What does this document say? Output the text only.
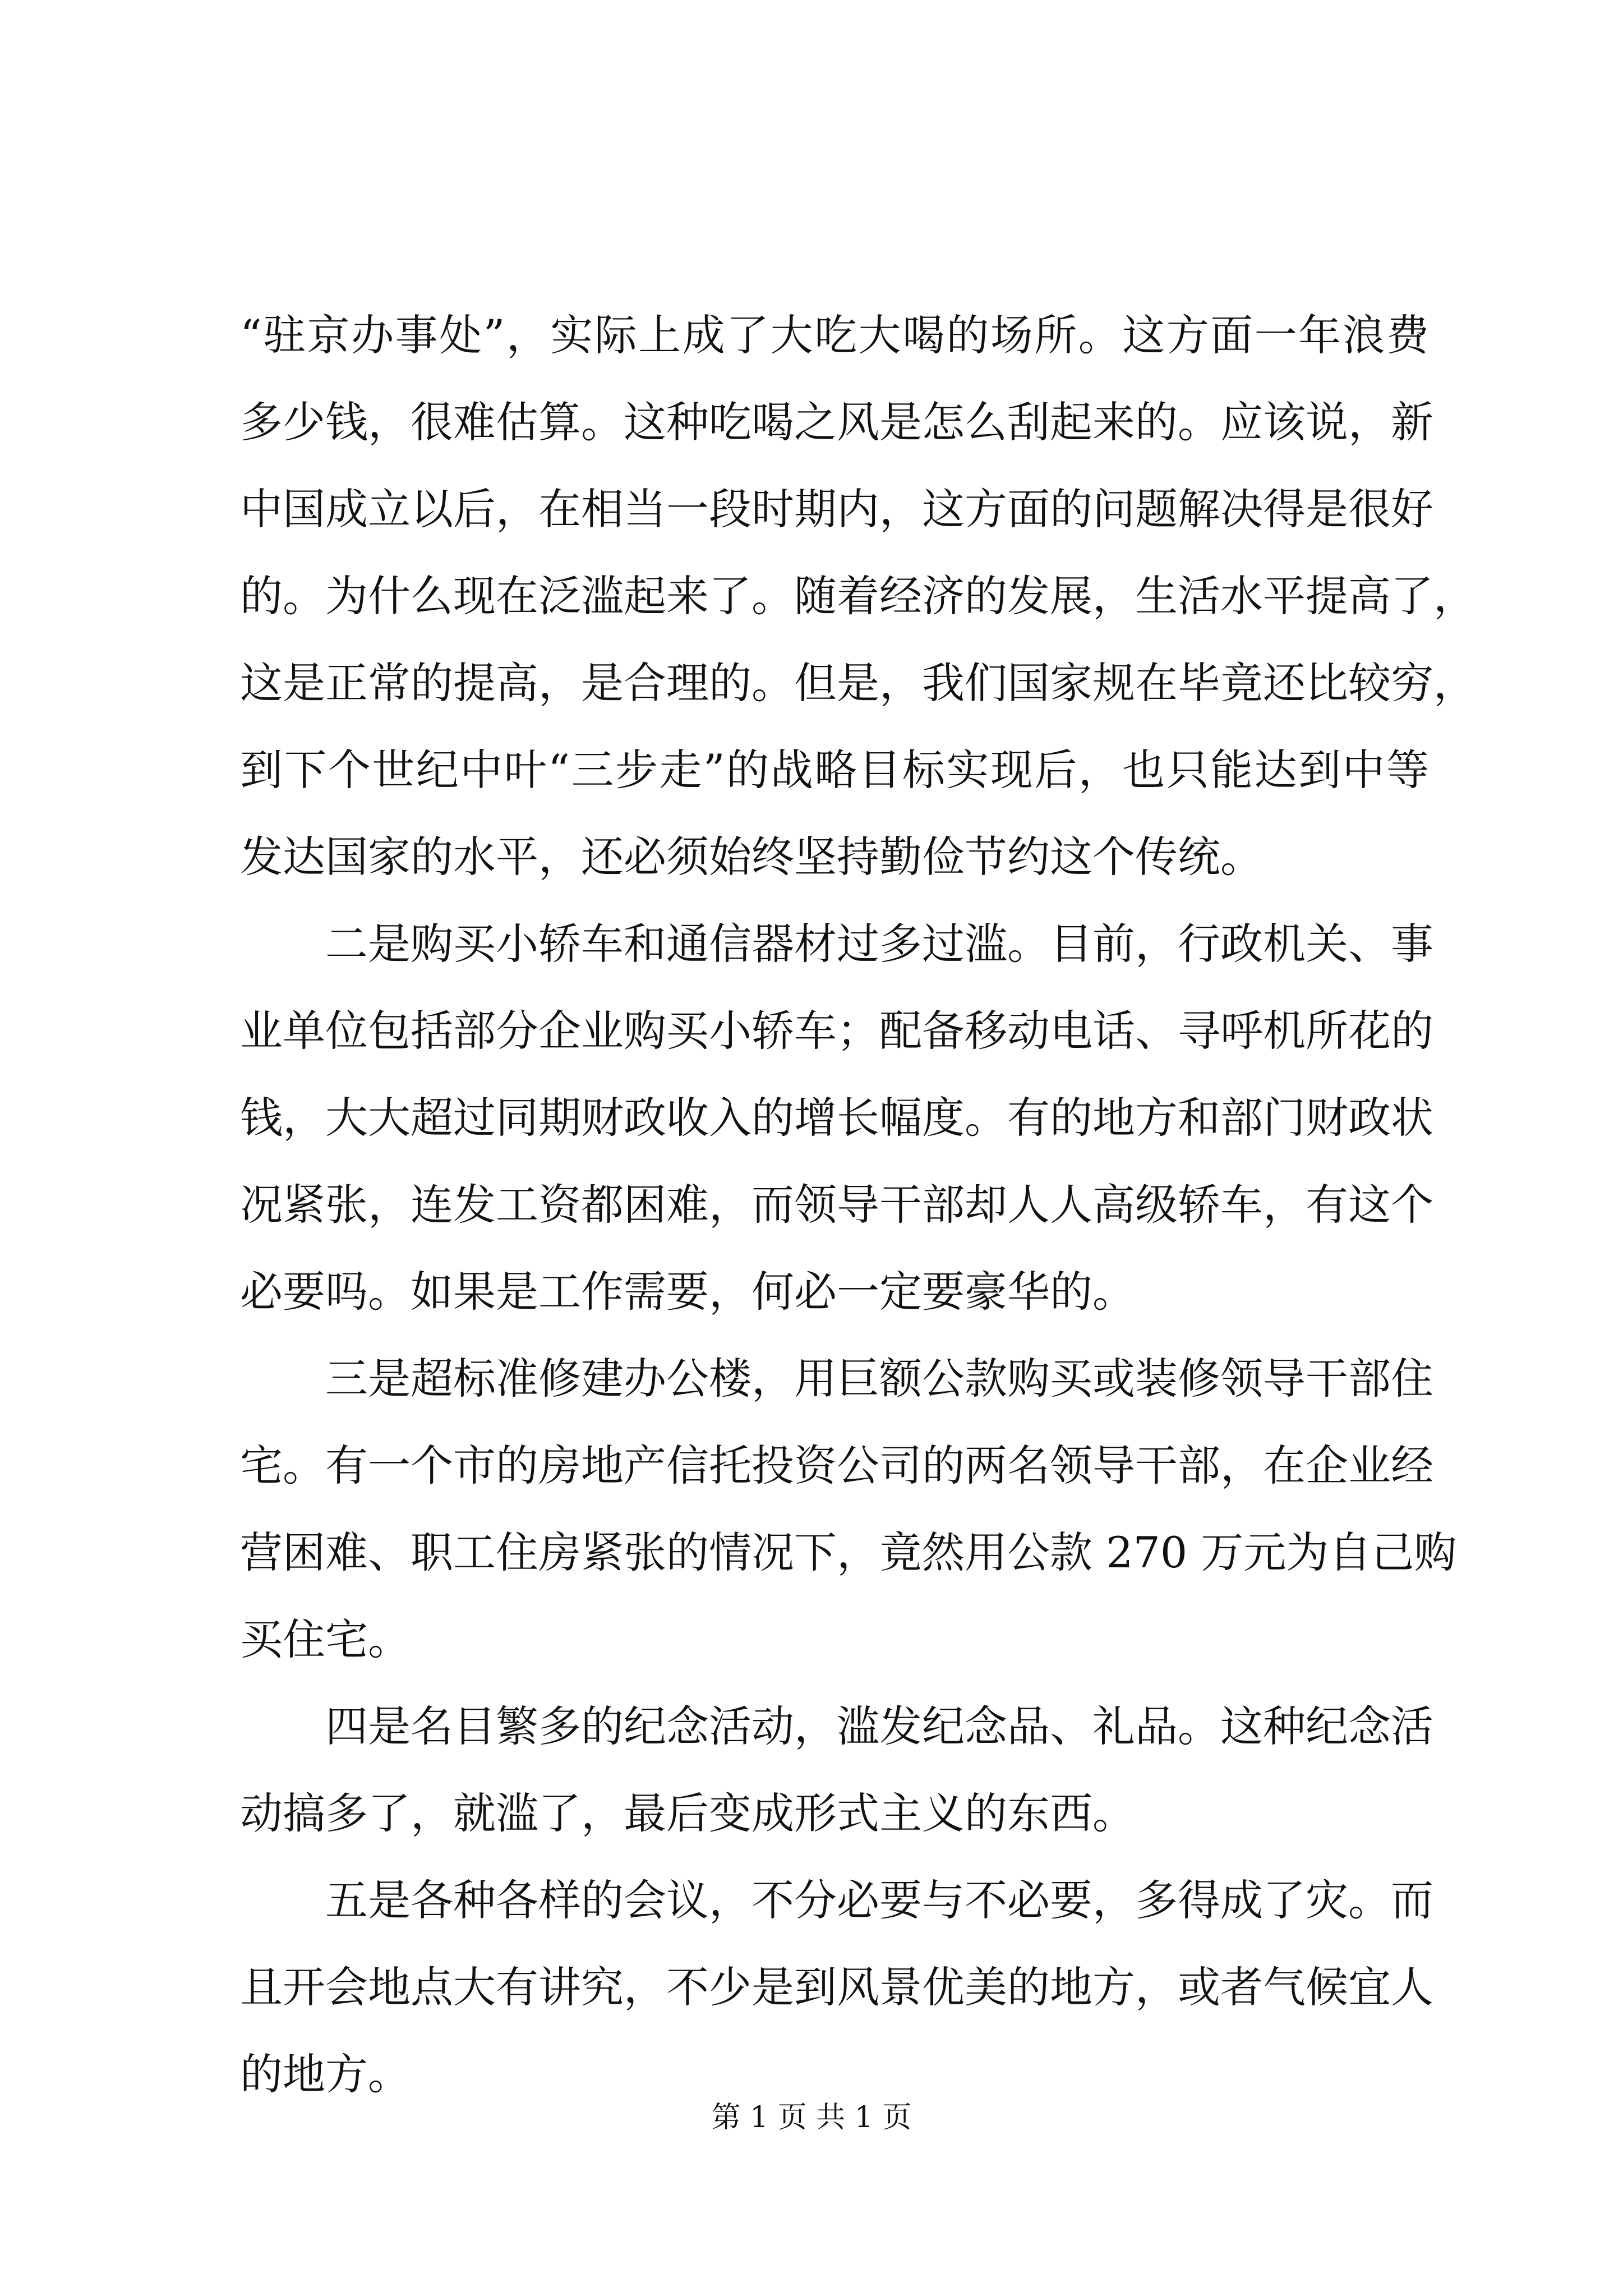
“驻京办事处”，实际上成了大吃大喝的场所。这方面一年浪费
多少钱，很难估算。这种吃喝之风是怎么刮起来的。应该说，新
中国成立以后，在相当一段时期内，这方面的问题解决得是很好
的。为什么现在泛滥起来了。随着经济的发展，生活水平提高了，
这是正常的提高，是合理的。但是，我们国家规在毕竟还比较穷，
到下个世纪中叶“三步走”的战略目标实现后，也只能达到中等
发达国家的水平，还必须始终坚持勤俭节约这个传统。
二是购买小轿车和通信器材过多过滥。目前，行政机关、事
业单位包括部分企业购买小轿车；配备移动电话、寻呼机所花的
钱，大大超过同期财政收入的增长幅度。有的地方和部门财政状
况紧张，连发工资都困难，而领导干部却人人高级轿车，有这个
必要吗。如果是工作需要，何必一定要豪华的。
三是超标准修建办公楼，用巨额公款购买或装修领导干部住
宅。有一个市的房地产信托投资公司的两名领导干部，在企业经
营困难、职工住房紧张的情况下，竟然用公款 270 万元为自己购
买住宅。
四是名目繁多的纪念活动，滥发纪念品、礼品。这种纪念活
动搞多了，就滥了，最后变成形式主义的东西。
五是各种各样的会议，不分必要与不必要，多得成了灾。而
且开会地点大有讲究，不少是到风景优美的地方，或者气候宜人
的地方。
第 1 页 共 1 页
